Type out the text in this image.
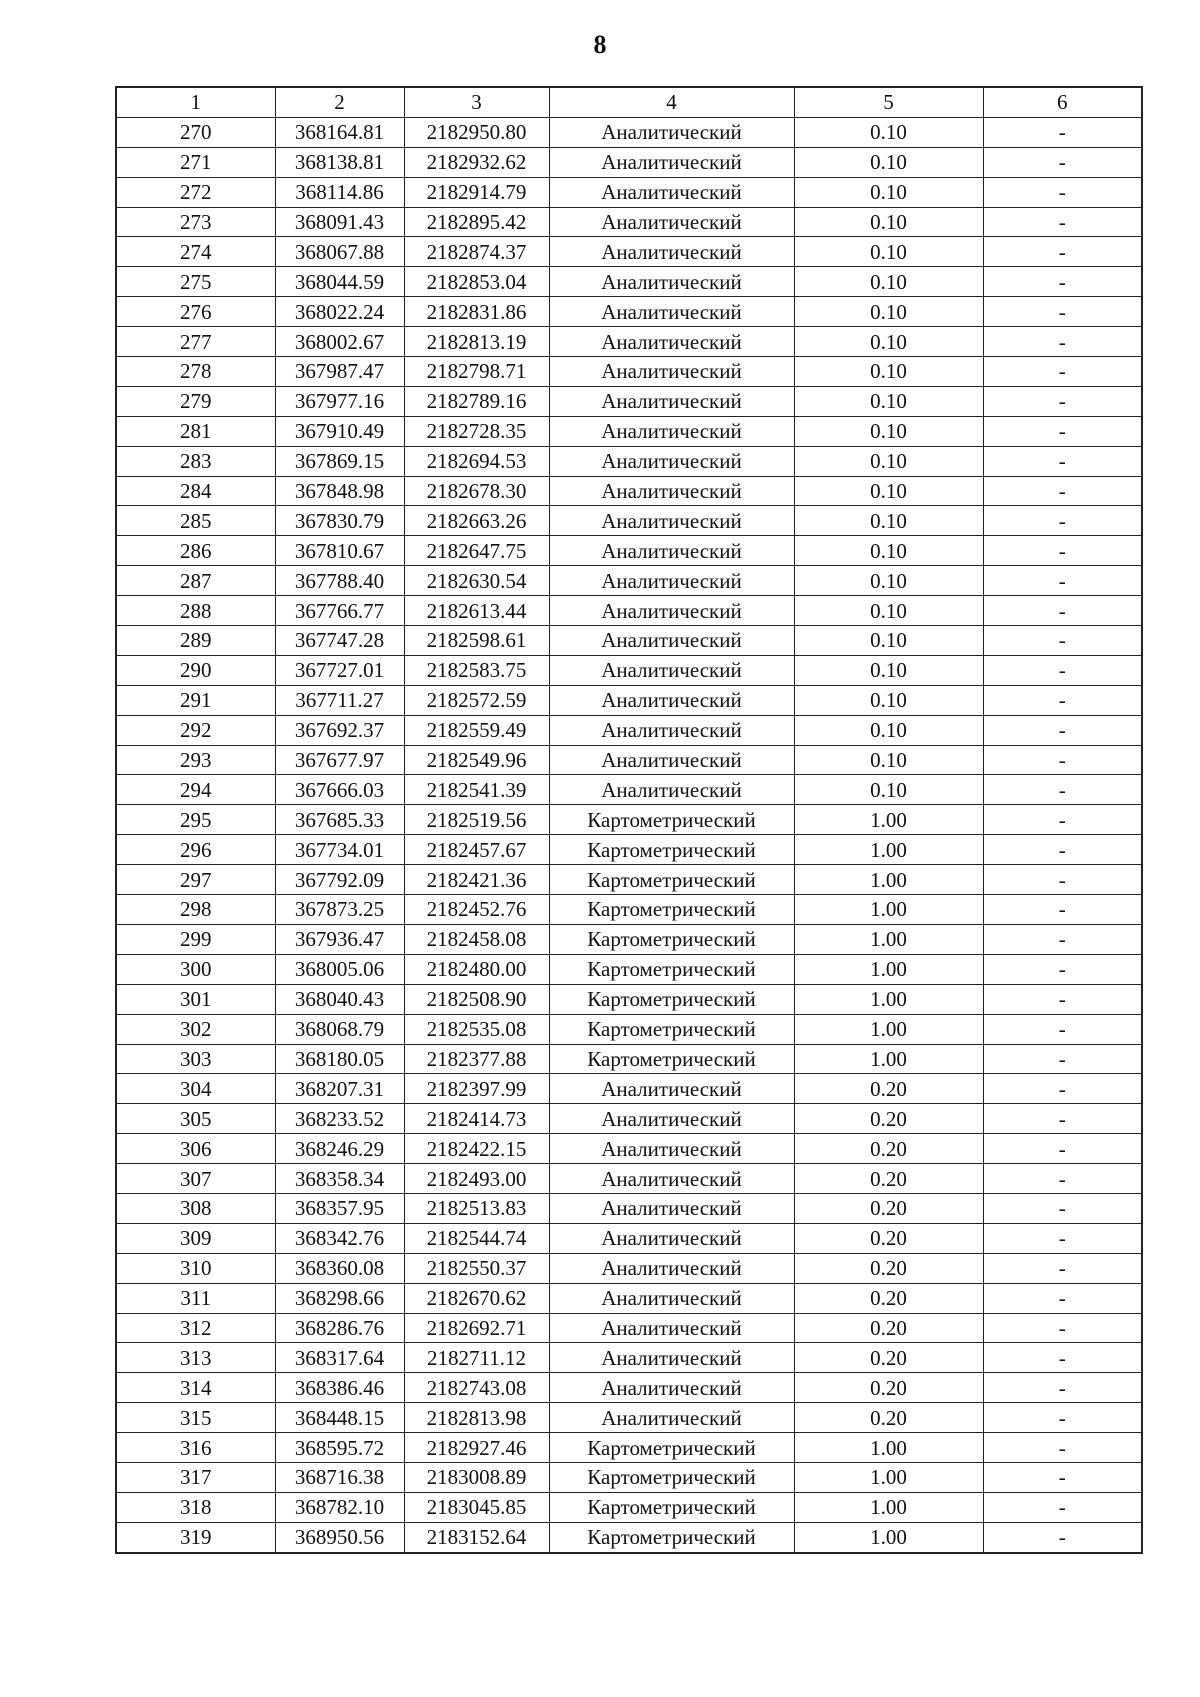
8
1	2	3	4	5	6
270	368164.81	2182950.80	Аналитический	0.10	-
271	368138.81	2182932.62	Аналитический	0.10	-
272	368114.86	2182914.79	Аналитический	0.10	-
273	368091.43	2182895.42	Аналитический	0.10	-
274	368067.88	2182874.37	Аналитический	0.10	-
275	368044.59	2182853.04	Аналитический	0.10	-
276	368022.24	2182831.86	Аналитический	0.10	-
277	368002.67	2182813.19	Аналитический	0.10	-
278	367987.47	2182798.71	Аналитический	0.10	-
279	367977.16	2182789.16	Аналитический	0.10	-
281	367910.49	2182728.35	Аналитический	0.10	-
283	367869.15	2182694.53	Аналитический	0.10	-
284	367848.98	2182678.30	Аналитический	0.10	-
285	367830.79	2182663.26	Аналитический	0.10	-
286	367810.67	2182647.75	Аналитический	0.10	-
287	367788.40	2182630.54	Аналитический	0.10	-
288	367766.77	2182613.44	Аналитический	0.10	-
289	367747.28	2182598.61	Аналитический	0.10	-
290	367727.01	2182583.75	Аналитический	0.10	-
291	367711.27	2182572.59	Аналитический	0.10	-
292	367692.37	2182559.49	Аналитический	0.10	-
293	367677.97	2182549.96	Аналитический	0.10	-
294	367666.03	2182541.39	Аналитический	0.10	-
295	367685.33	2182519.56	Картометрический	1.00	-
296	367734.01	2182457.67	Картометрический	1.00	-
297	367792.09	2182421.36	Картометрический	1.00	-
298	367873.25	2182452.76	Картометрический	1.00	-
299	367936.47	2182458.08	Картометрический	1.00	-
300	368005.06	2182480.00	Картометрический	1.00	-
301	368040.43	2182508.90	Картометрический	1.00	-
302	368068.79	2182535.08	Картометрический	1.00	-
303	368180.05	2182377.88	Картометрический	1.00	-
304	368207.31	2182397.99	Аналитический	0.20	-
305	368233.52	2182414.73	Аналитический	0.20	-
306	368246.29	2182422.15	Аналитический	0.20	-
307	368358.34	2182493.00	Аналитический	0.20	-
308	368357.95	2182513.83	Аналитический	0.20	-
309	368342.76	2182544.74	Аналитический	0.20	-
310	368360.08	2182550.37	Аналитический	0.20	-
311	368298.66	2182670.62	Аналитический	0.20	-
312	368286.76	2182692.71	Аналитический	0.20	-
313	368317.64	2182711.12	Аналитический	0.20	-
314	368386.46	2182743.08	Аналитический	0.20	-
315	368448.15	2182813.98	Аналитический	0.20	-
316	368595.72	2182927.46	Картометрический	1.00	-
317	368716.38	2183008.89	Картометрический	1.00	-
318	368782.10	2183045.85	Картометрический	1.00	-
319	368950.56	2183152.64	Картометрический	1.00	-
